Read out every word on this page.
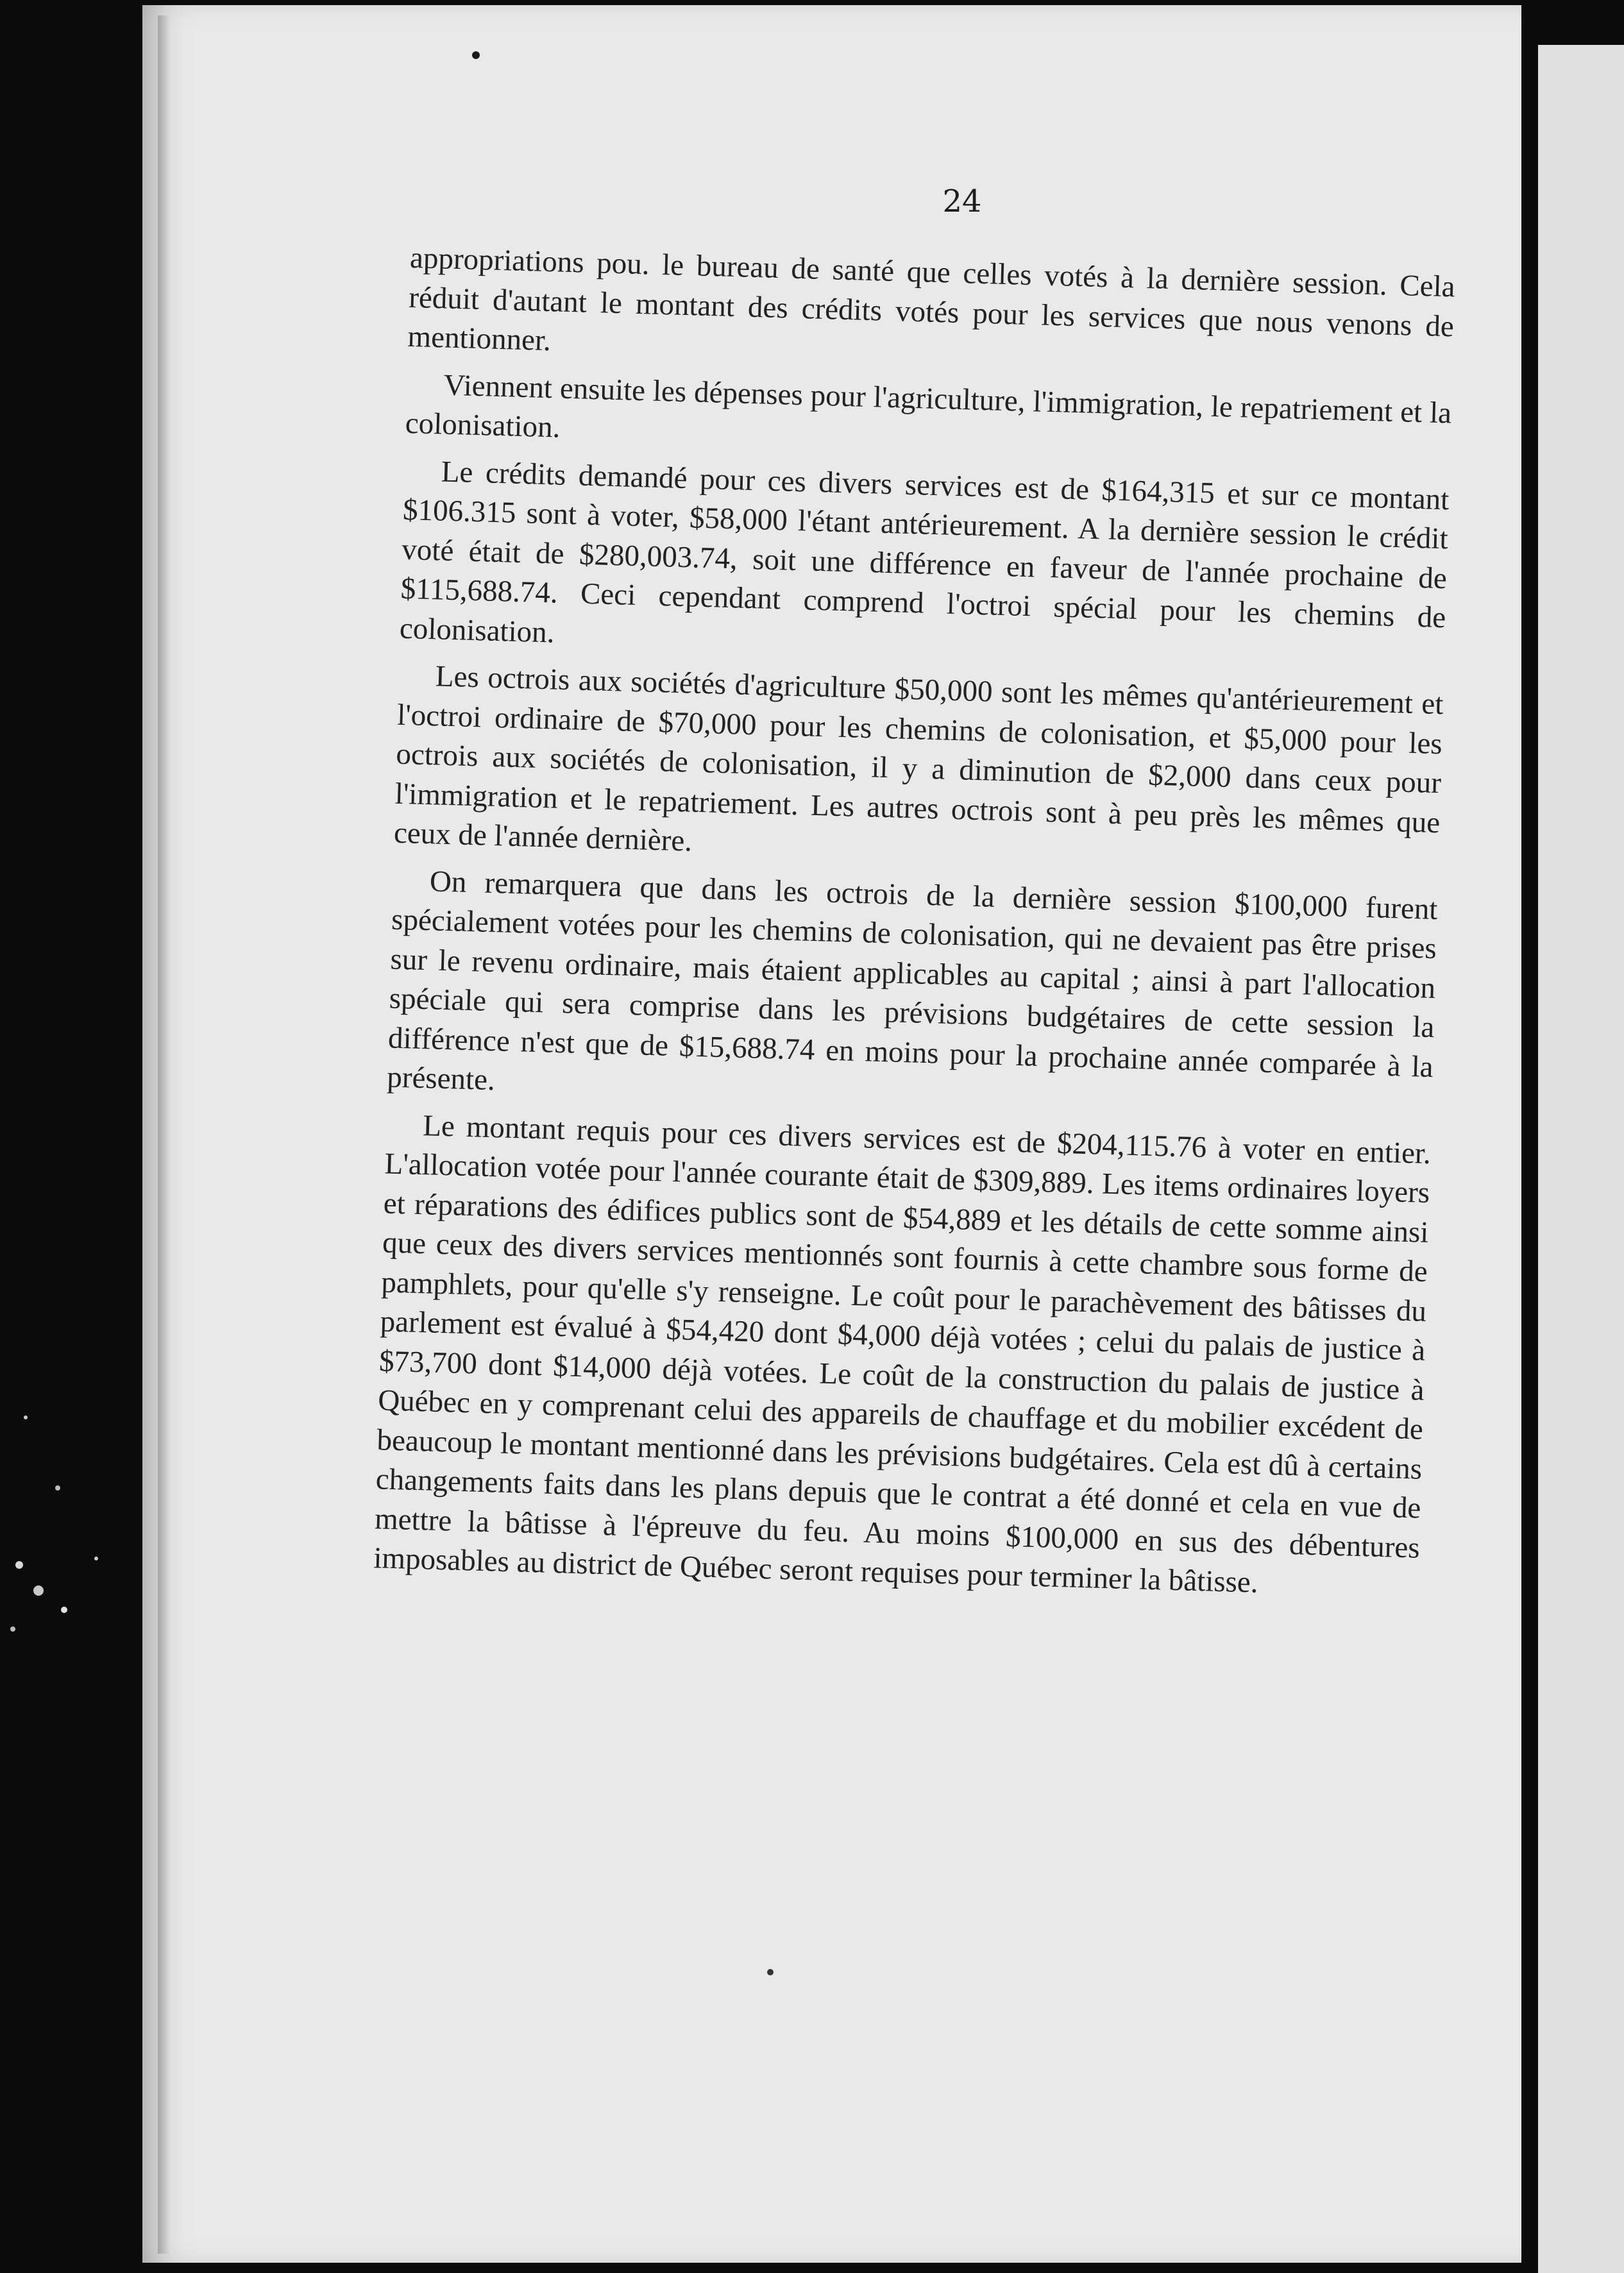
24

appropriations pou. le bureau de santé que celles votés à la dernière session. Cela réduit d'autant le montant des crédits votés pour les services que nous venons de mentionner.

Viennent ensuite les dépenses pour l'agriculture, l'immigration, le repatriement et la colonisation.

Le crédits demandé pour ces divers services est de $164,315 et sur ce montant $106.315 sont à voter, $58,000 l'étant antérieurement. A la dernière session le crédit voté était de $280,003.74, soit une différence en faveur de l'année prochaine de $115,688.74. Ceci cependant comprend l'octroi spécial pour les chemins de colonisation.

Les octrois aux sociétés d'agriculture $50,000 sont les mêmes qu'antérieurement et l'octroi ordinaire de $70,000 pour les chemins de colonisation, et $5,000 pour les octrois aux sociétés de colonisation, il y a diminution de $2,000 dans ceux pour l'immigration et le repatriement. Les autres octrois sont à peu près les mêmes que ceux de l'année dernière.

On remarquera que dans les octrois de la dernière session $100,000 furent spécialement votées pour les chemins de colonisation, qui ne devaient pas être prises sur le revenu ordinaire, mais étaient applicables au capital ; ainsi à part l'allocation spéciale qui sera comprise dans les prévisions budgétaires de cette session la différence n'est que de $15,688.74 en moins pour la prochaine année comparée à la présente.

Le montant requis pour ces divers services est de $204,115.76 à voter en entier. L'allocation votée pour l'année courante était de $309,889. Les items ordinaires loyers et réparations des édifices publics sont de $54,889 et les détails de cette somme ainsi que ceux des divers services mentionnés sont fournis à cette chambre sous forme de pamphlets, pour qu'elle s'y renseigne. Le coût pour le parachèvement des bâtisses du parlement est évalué à $54,420 dont $4,000 déjà votées ; celui du palais de justice à $73,700 dont $14,000 déjà votées. Le coût de la construction du palais de justice à Québec en y comprenant celui des appareils de chauffage et du mobilier excédent de beaucoup le montant mentionné dans les prévisions budgétaires. Cela est dû à certains changements faits dans les plans depuis que le contrat a été donné et cela en vue de mettre la bâtisse à l'épreuve du feu. Au moins $100,000 en sus des débentures imposables au district de Québec seront requises pour terminer la bâtisse.
